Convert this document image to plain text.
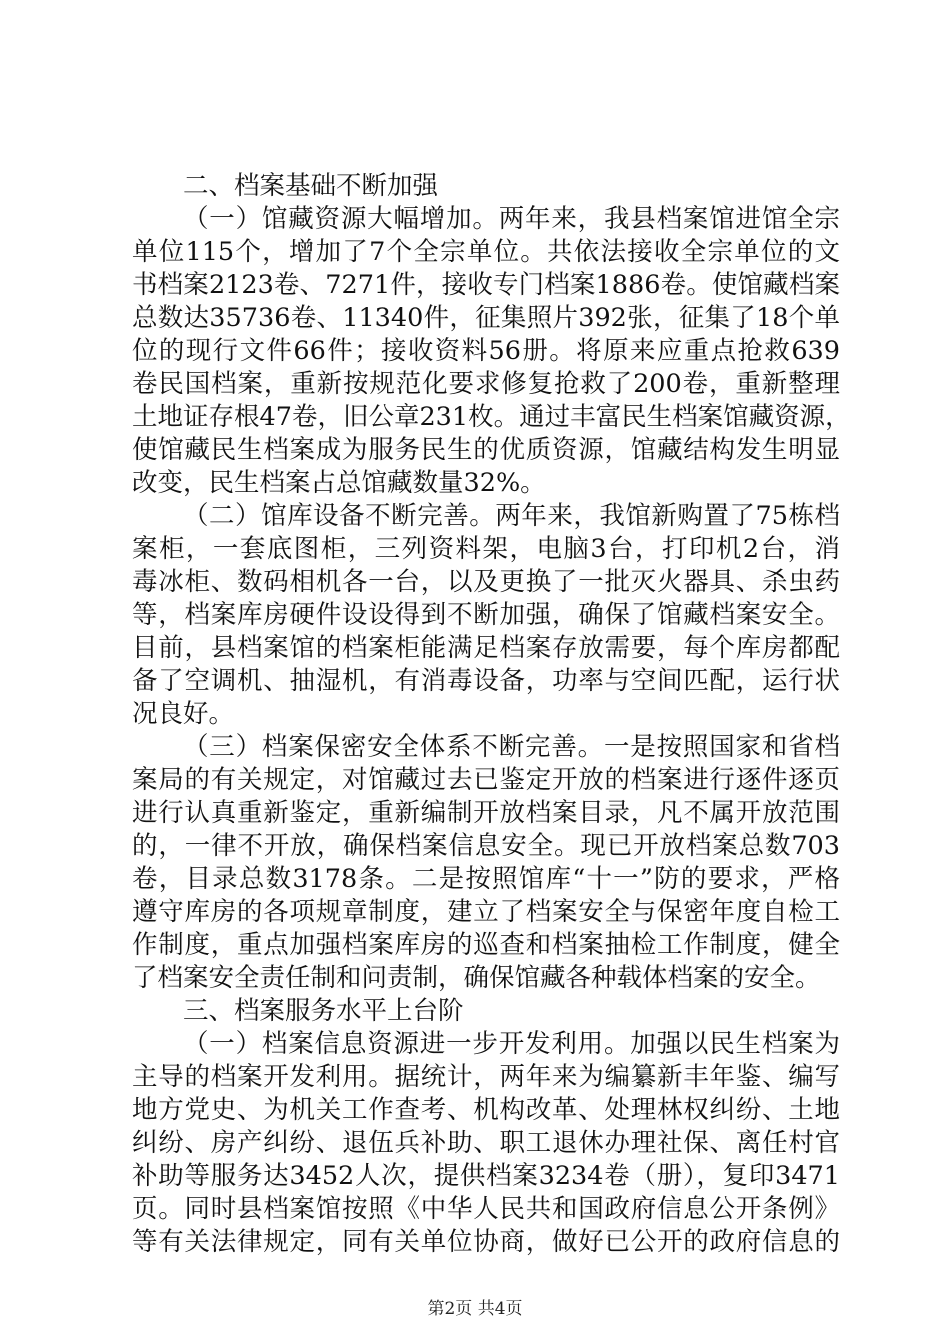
二、档案基础不断加强
（一）馆藏资源大幅增加。两年来，我县档案馆进馆全宗
单位115个，增加了7个全宗单位。共依法接收全宗单位的文
书档案2123卷、7271件，接收专门档案1886卷。使馆藏档案
总数达35736卷、11340件，征集照片392张，征集了18个单
位的现行文件66件；接收资料56册。将原来应重点抢救639
卷民国档案，重新按规范化要求修复抢救了200卷，重新整理
土地证存根47卷，旧公章231枚。通过丰富民生档案馆藏资源，
使馆藏民生档案成为服务民生的优质资源，馆藏结构发生明显
改变，民生档案占总馆藏数量32%。
（二）馆库设备不断完善。两年来，我馆新购置了75栋档
案柜，一套底图柜，三列资料架，电脑3台，打印机2台，消
毒冰柜、数码相机各一台，以及更换了一批灭火器具、杀虫药
等，档案库房硬件设设得到不断加强，确保了馆藏档案安全。
目前，县档案馆的档案柜能满足档案存放需要，每个库房都配
备了空调机、抽湿机，有消毒设备，功率与空间匹配，运行状
况良好。
（三）档案保密安全体系不断完善。一是按照国家和省档
案局的有关规定，对馆藏过去已鉴定开放的档案进行逐件逐页
进行认真重新鉴定，重新编制开放档案目录，凡不属开放范围
的，一律不开放，确保档案信息安全。现已开放档案总数703
卷，目录总数3178条。二是按照馆库“十一”防的要求，严格
遵守库房的各项规章制度，建立了档案安全与保密年度自检工
作制度，重点加强档案库房的巡查和档案抽检工作制度，健全
了档案安全责任制和问责制，确保馆藏各种载体档案的安全。
三、档案服务水平上台阶
（一）档案信息资源进一步开发利用。加强以民生档案为
主导的档案开发利用。据统计，两年来为编纂新丰年鉴、编写
地方党史、为机关工作查考、机构改革、处理林权纠纷、土地
纠纷、房产纠纷、退伍兵补助、职工退休办理社保、离任村官
补助等服务达3452人次，提供档案3234卷（册），复印3471
页。同时县档案馆按照《中华人民共和国政府信息公开条例》
等有关法律规定，同有关单位协商，做好已公开的政府信息的
第2页 共4页
